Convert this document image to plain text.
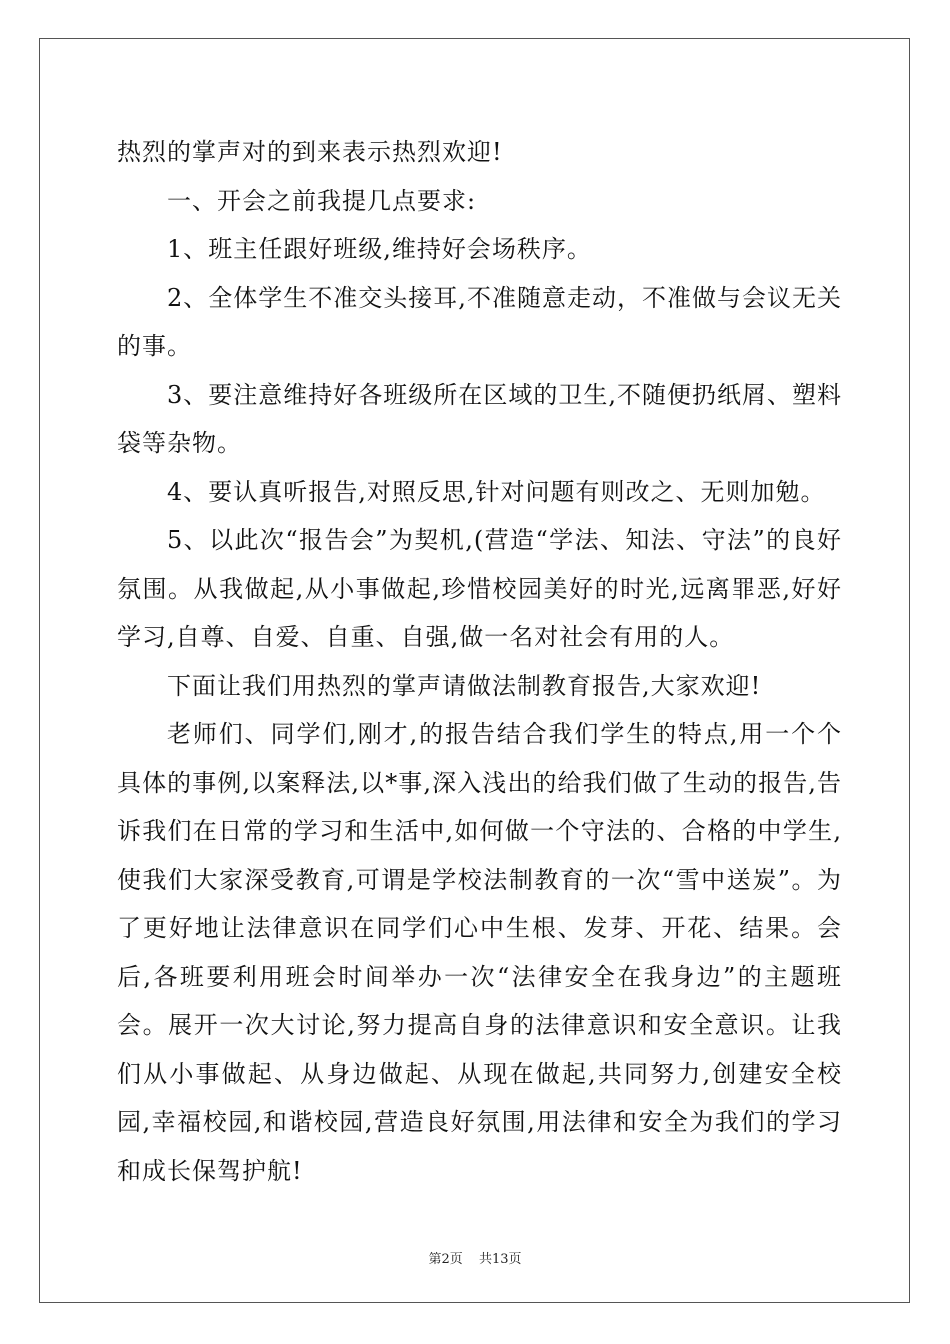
热烈的掌声对的到来表示热烈欢迎!

一、开会之前我提几点要求:

1、班主任跟好班级,维持好会场秩序。

2、全体学生不准交头接耳,不准随意走动，不准做与会议无关的事。

3、要注意维持好各班级所在区域的卫生,不随便扔纸屑、塑料袋等杂物。

4、要认真听报告,对照反思,针对问题有则改之、无则加勉。

5、以此次“报告会”为契机,(营造“学法、知法、守法”的良好氛围。从我做起,从小事做起,珍惜校园美好的时光,远离罪恶,好好学习,自尊、自爱、自重、自强,做一名对社会有用的人。

下面让我们用热烈的掌声请做法制教育报告,大家欢迎!

老师们、同学们,刚才,的报告结合我们学生的特点,用一个个具体的事例,以案释法,以*事,深入浅出的给我们做了生动的报告,告诉我们在日常的学习和生活中,如何做一个守法的、合格的中学生,使我们大家深受教育,可谓是学校法制教育的一次“雪中送炭”。为了更好地让法律意识在同学们心中生根、发芽、开花、结果。会后,各班要利用班会时间举办一次“法律安全在我身边”的主题班会。展开一次大讨论,努力提高自身的法律意识和安全意识。让我们从小事做起、从身边做起、从现在做起,共同努力,创建安全校园,幸福校园,和谐校园,营造良好氛围,用法律和安全为我们的学习和成长保驾护航!

第2页 共13页
